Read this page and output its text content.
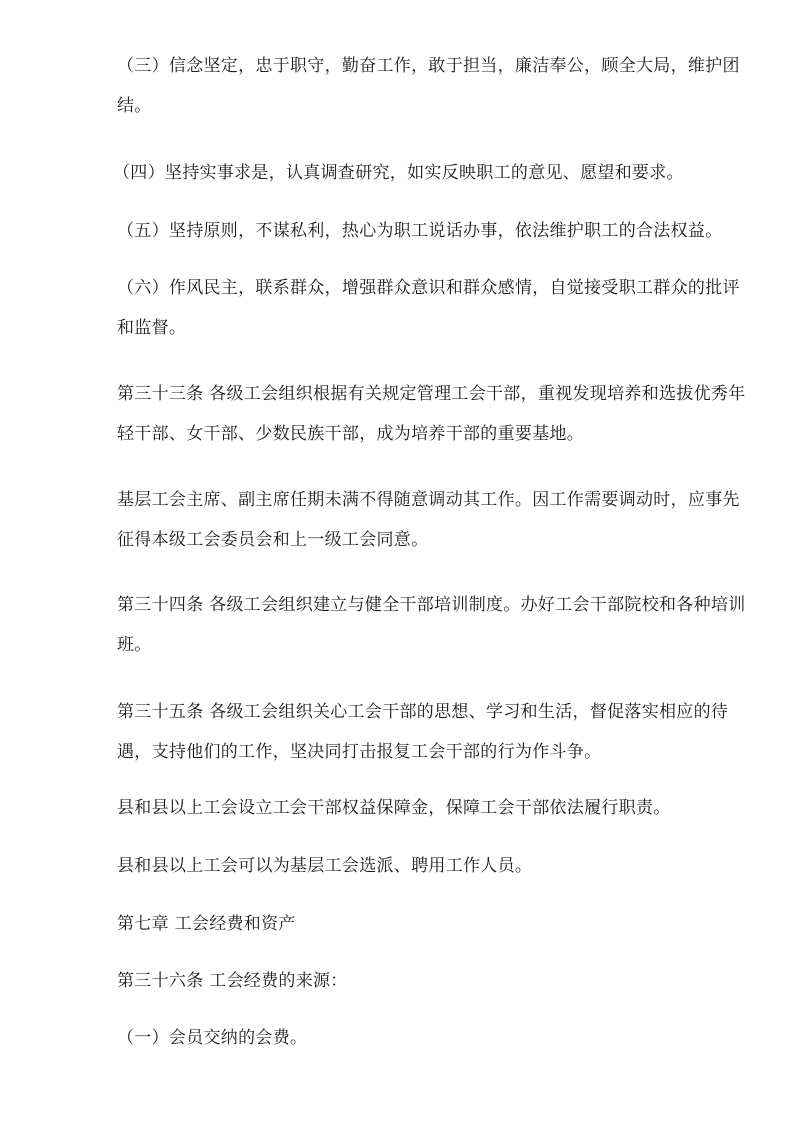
（三）信念坚定，忠于职守，勤奋工作，敢于担当，廉洁奉公，顾全大局，维护团结。

（四）坚持实事求是，认真调查研究，如实反映职工的意见、愿望和要求。

（五）坚持原则，不谋私利，热心为职工说话办事，依法维护职工的合法权益。

（六）作风民主，联系群众，增强群众意识和群众感情，自觉接受职工群众的批评和监督。

第三十三条 各级工会组织根据有关规定管理工会干部，重视发现培养和选拔优秀年轻干部、女干部、少数民族干部，成为培养干部的重要基地。

基层工会主席、副主席任期未满不得随意调动其工作。因工作需要调动时，应事先征得本级工会委员会和上一级工会同意。

第三十四条 各级工会组织建立与健全干部培训制度。办好工会干部院校和各种培训班。

第三十五条 各级工会组织关心工会干部的思想、学习和生活，督促落实相应的待遇，支持他们的工作，坚决同打击报复工会干部的行为作斗争。

县和县以上工会设立工会干部权益保障金，保障工会干部依法履行职责。

县和县以上工会可以为基层工会选派、聘用工作人员。

第七章 工会经费和资产

第三十六条 工会经费的来源：

（一）会员交纳的会费。
